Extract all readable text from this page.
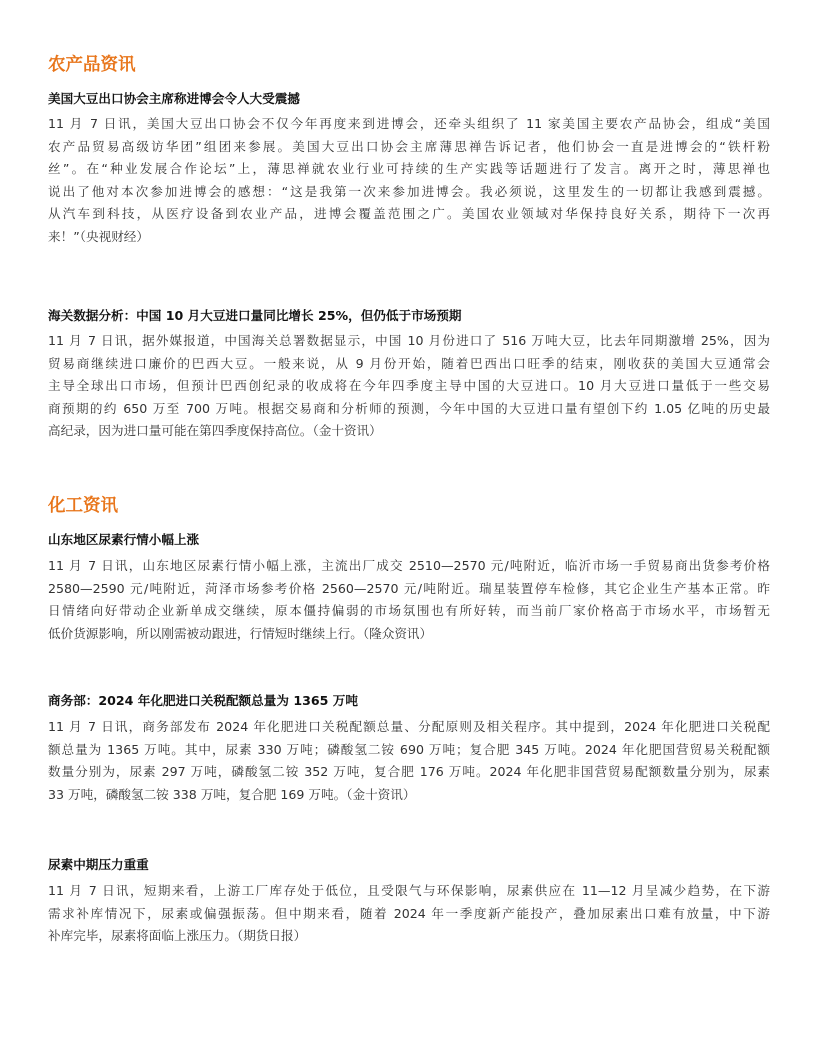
农产品资讯
美国大豆出口协会主席称进博会令人大受震撼
11 月 7 日讯，美国大豆出口协会不仅今年再度来到进博会，还牵头组织了 11 家美国主要农产品协会，组成“美国
农产品贸易高级访华团”组团来参展。美国大豆出口协会主席薄思禅告诉记者，他们协会一直是进博会的“铁杆粉
丝”。在“种业发展合作论坛”上，薄思禅就农业行业可持续的生产实践等话题进行了发言。离开之时，薄思禅也
说出了他对本次参加进博会的感想：“这是我第一次来参加进博会。我必须说，这里发生的一切都让我感到震撼。
从汽车到科技，从医疗设备到农业产品，进博会覆盖范围之广。美国农业领域对华保持良好关系，期待下一次再
来！”（央视财经）
海关数据分析：中国 10 月大豆进口量同比增长 25%，但仍低于市场预期
11 月 7 日讯，据外媒报道，中国海关总署数据显示，中国 10 月份进口了 516 万吨大豆，比去年同期激增 25%，因为
贸易商继续进口廉价的巴西大豆。一般来说，从 9 月份开始，随着巴西出口旺季的结束，刚收获的美国大豆通常会
主导全球出口市场，但预计巴西创纪录的收成将在今年四季度主导中国的大豆进口。10 月大豆进口量低于一些交易
商预期的约 650 万至 700 万吨。根据交易商和分析师的预测，今年中国的大豆进口量有望创下约 1.05 亿吨的历史最
高纪录，因为进口量可能在第四季度保持高位。（金十资讯）
化工资讯
山东地区尿素行情小幅上涨
11 月 7 日讯，山东地区尿素行情小幅上涨，主流出厂成交 2510—2570 元/吨附近，临沂市场一手贸易商出货参考价格
2580—2590 元/吨附近，菏泽市场参考价格 2560—2570 元/吨附近。瑞星装置停车检修，其它企业生产基本正常。昨
日情绪向好带动企业新单成交继续，原本僵持偏弱的市场氛围也有所好转，而当前厂家价格高于市场水平，市场暂无
低价货源影响，所以刚需被动跟进，行情短时继续上行。（隆众资讯）
商务部：2024 年化肥进口关税配额总量为 1365 万吨
11 月 7 日讯，商务部发布 2024 年化肥进口关税配额总量、分配原则及相关程序。其中提到，2024 年化肥进口关税配
额总量为 1365 万吨。其中，尿素 330 万吨；磷酸氢二铵 690 万吨；复合肥 345 万吨。2024 年化肥国营贸易关税配额
数量分别为，尿素 297 万吨，磷酸氢二铵 352 万吨，复合肥 176 万吨。2024 年化肥非国营贸易配额数量分别为，尿素
33 万吨，磷酸氢二铵 338 万吨，复合肥 169 万吨。（金十资讯）
尿素中期压力重重
11 月 7 日讯，短期来看，上游工厂库存处于低位，且受限气与环保影响，尿素供应在 11—12 月呈减少趋势，在下游
需求补库情况下，尿素或偏强振荡。但中期来看，随着 2024 年一季度新产能投产，叠加尿素出口难有放量，中下游
补库完毕，尿素将面临上涨压力。（期货日报）
